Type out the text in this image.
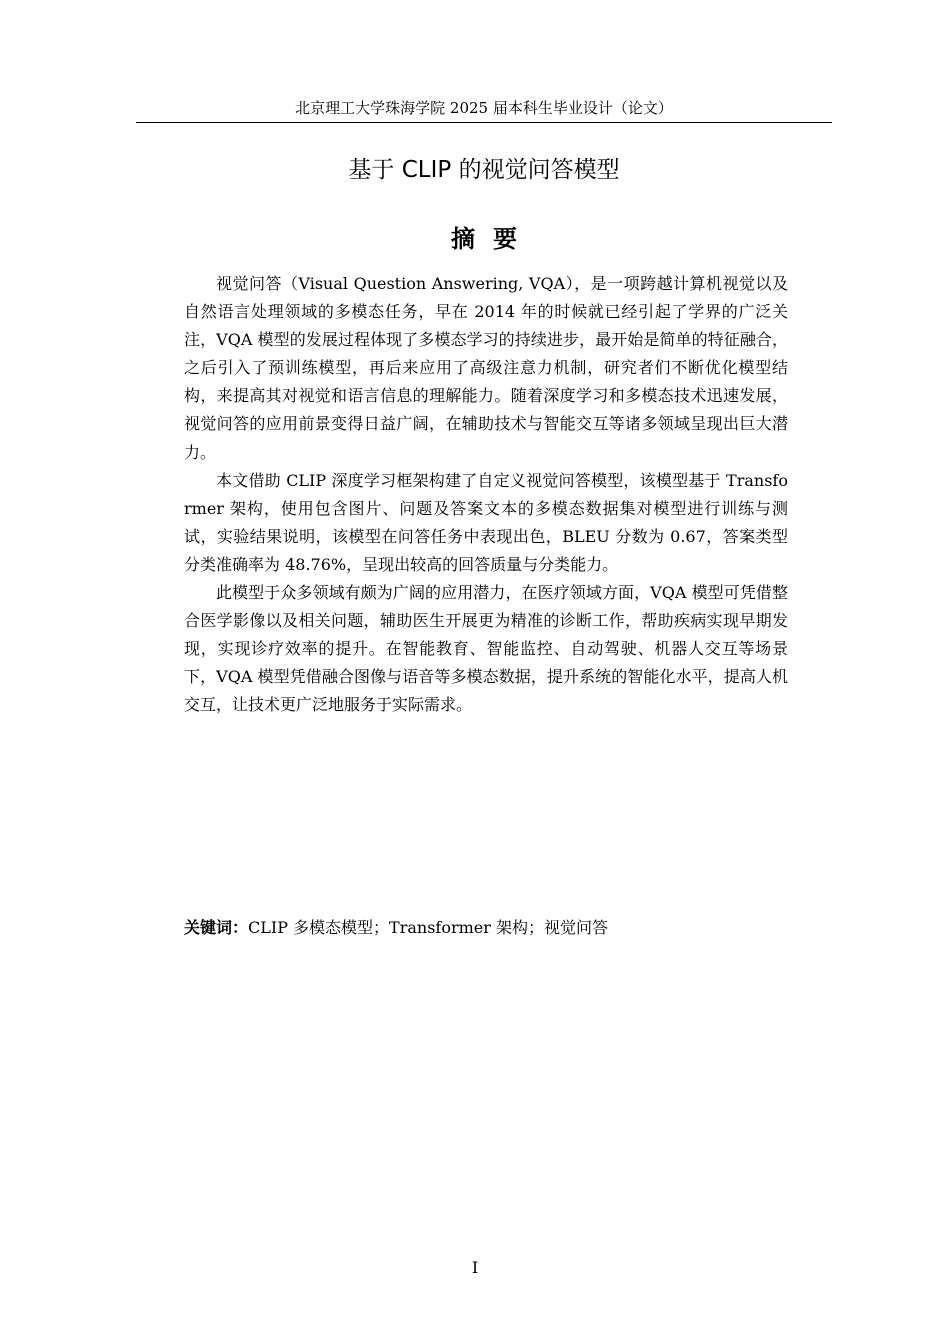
北京理工大学珠海学院 2025 届本科生毕业设计（论文）
基于 CLIP 的视觉问答模型
摘要

视觉问答（Visual Question Answering, VQA），是一项跨越计算机视觉以及自然语言处理领域的多模态任务，早在 2014 年的时候就已经引起了学界的广泛关注，VQA 模型的发展过程体现了多模态学习的持续进步，最开始是简单的特征融合，之后引入了预训练模型，再后来应用了高级注意力机制，研究者们不断优化模型结构，来提高其对视觉和语言信息的理解能力。随着深度学习和多模态技术迅速发展，视觉问答的应用前景变得日益广阔，在辅助技术与智能交互等诸多领域呈现出巨大潜力。

本文借助 CLIP 深度学习框架构建了自定义视觉问答模型，该模型基于 Transformer 架构，使用包含图片、问题及答案文本的多模态数据集对模型进行训练与测试，实验结果说明，该模型在问答任务中表现出色，BLEU 分数为 0.67，答案类型分类准确率为 48.76%，呈现出较高的回答质量与分类能力。

此模型于众多领域有颇为广阔的应用潜力，在医疗领域方面，VQA 模型可凭借整合医学影像以及相关问题，辅助医生开展更为精准的诊断工作，帮助疾病实现早期发现，实现诊疗效率的提升。在智能教育、智能监控、自动驾驶、机器人交互等场景下，VQA 模型凭借融合图像与语音等多模态数据，提升系统的智能化水平，提高人机交互，让技术更广泛地服务于实际需求。

关键词：CLIP 多模态模型；Transformer 架构；视觉问答
I
